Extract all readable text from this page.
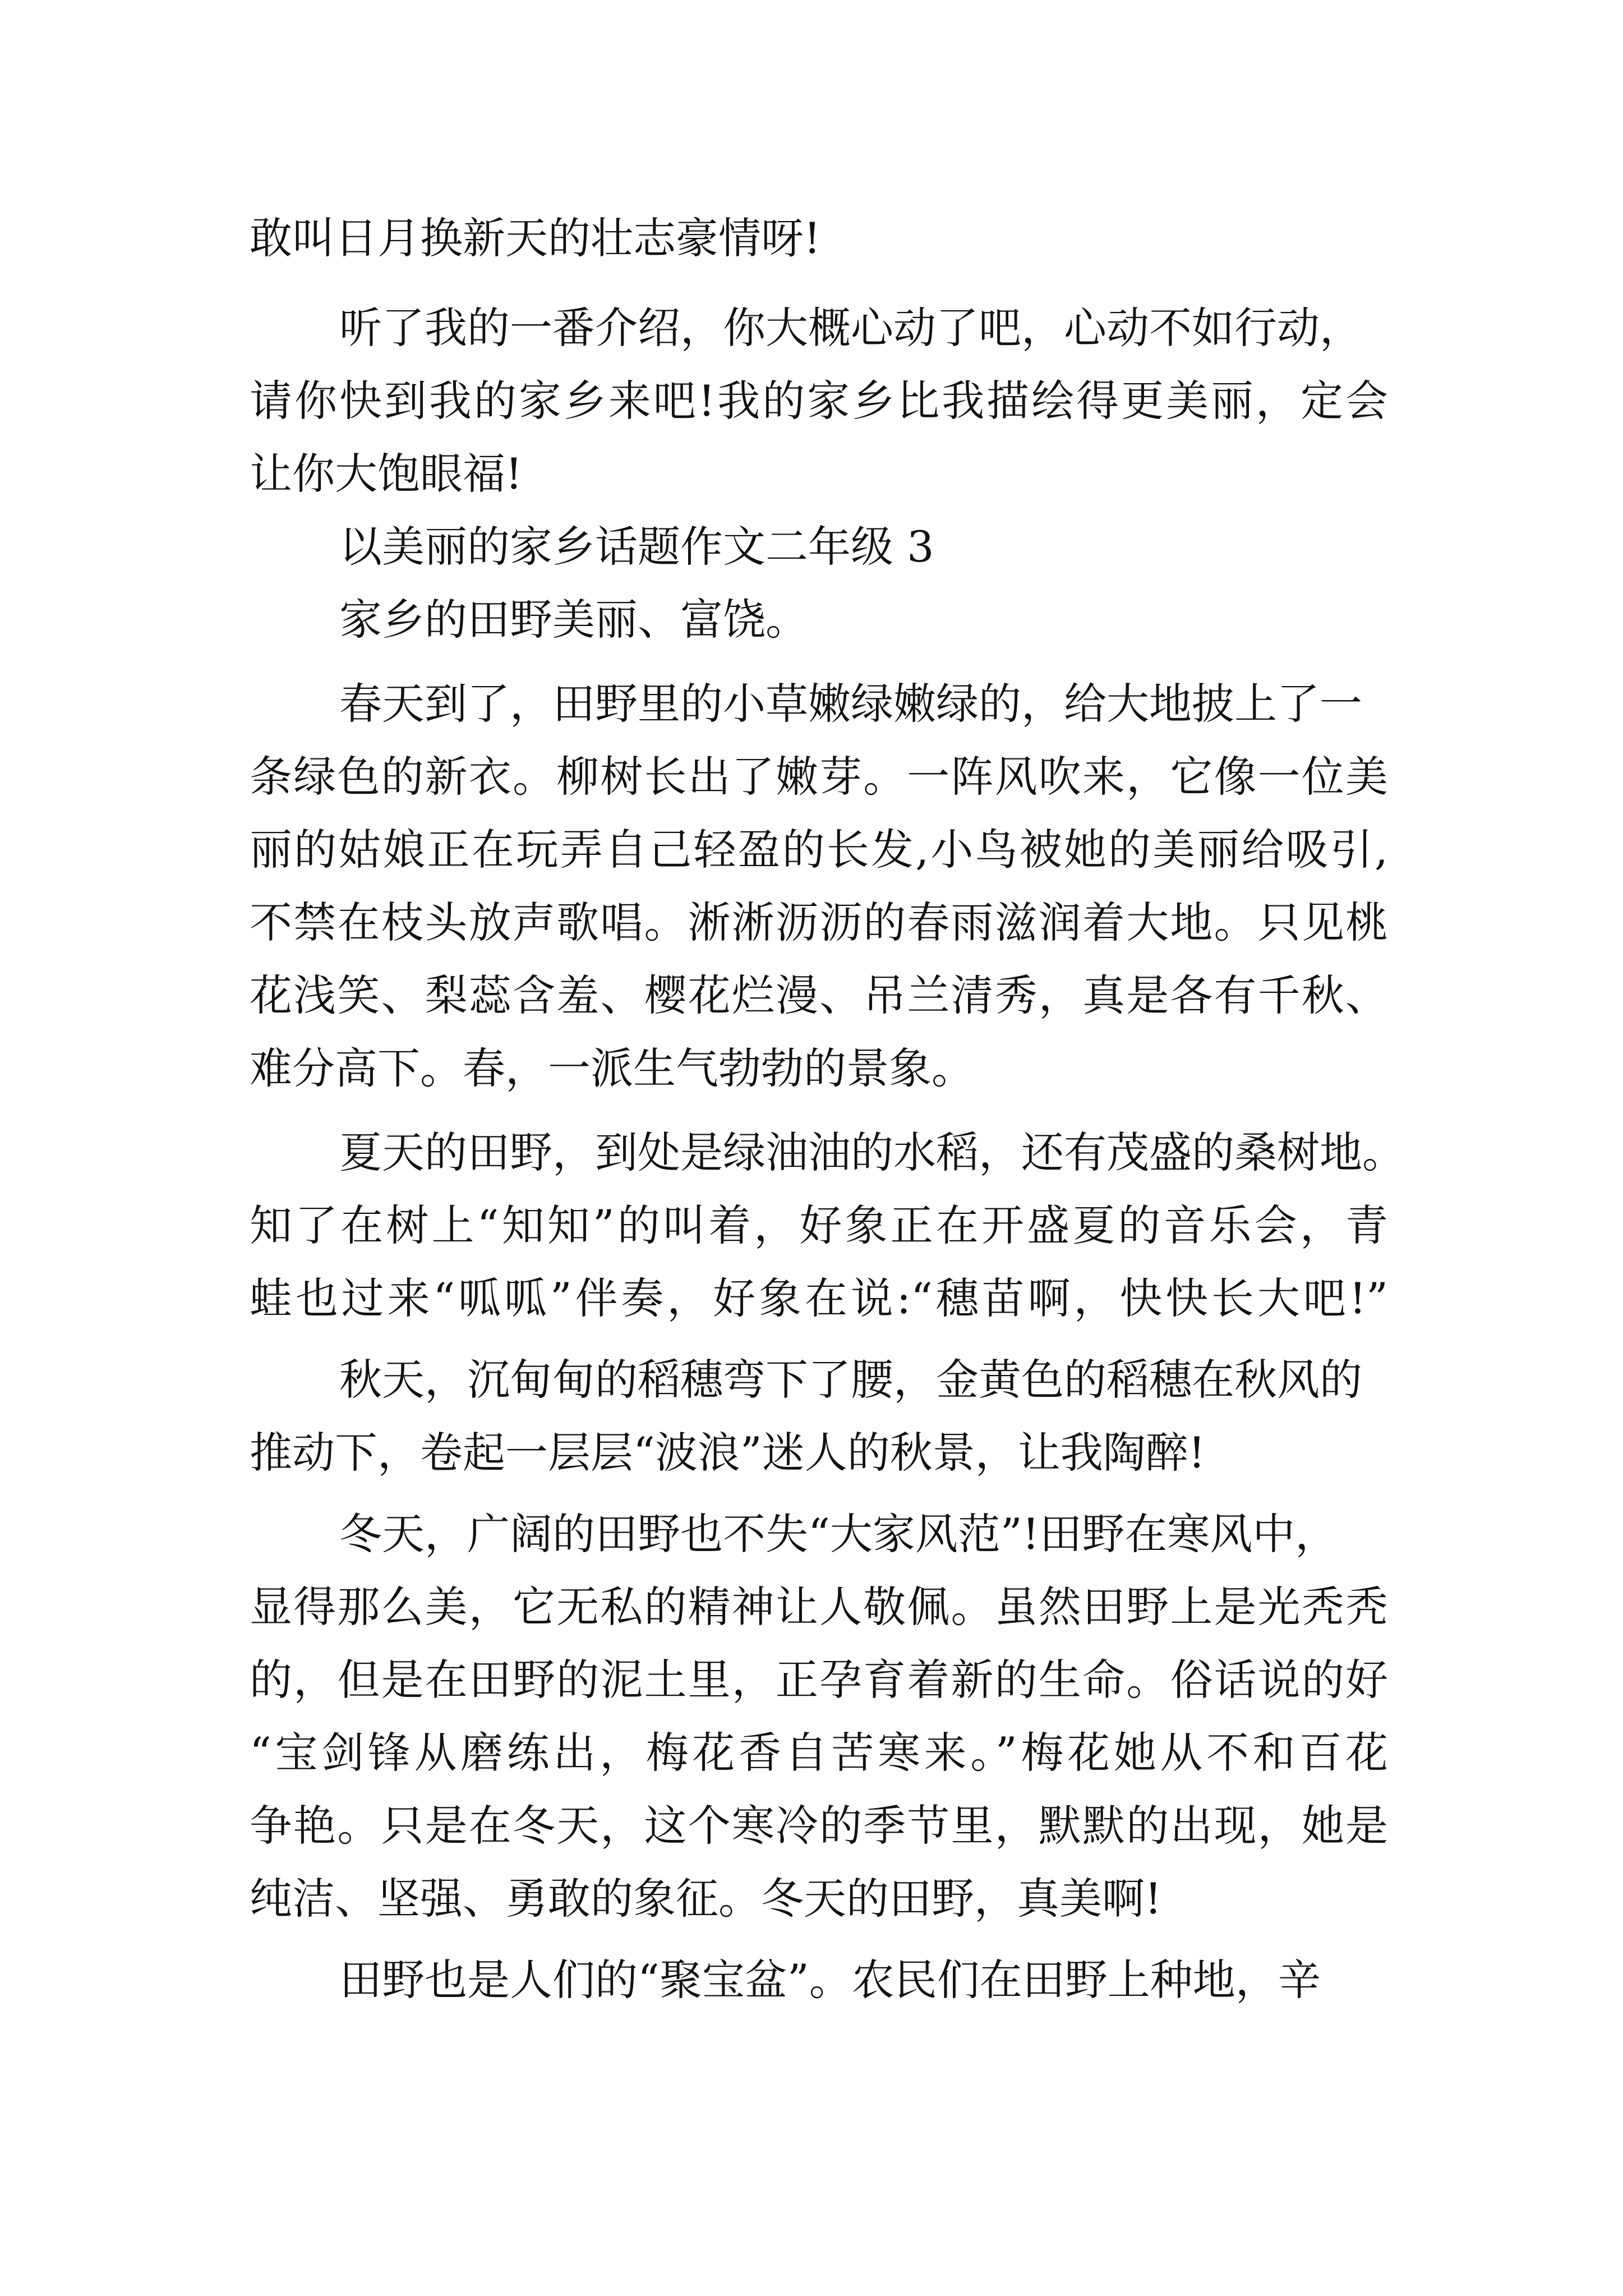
敢叫日月换新天的壮志豪情呀!
听了我的一番介绍，你大概心动了吧，心动不如行动，
请你快到我的家乡来吧!我的家乡比我描绘得更美丽，定会
让你大饱眼福!
以美丽的家乡话题作文二年级 3
家乡的田野美丽、富饶。
春天到了，田野里的小草嫩绿嫩绿的，给大地披上了一
条绿色的新衣。柳树长出了嫩芽。一阵风吹来，它像一位美
丽的姑娘正在玩弄自己轻盈的长发,小鸟被她的美丽给吸引,
不禁在枝头放声歌唱。淅淅沥沥的春雨滋润着大地。只见桃
花浅笑、梨蕊含羞、樱花烂漫、吊兰清秀，真是各有千秋、
难分高下。春，一派生气勃勃的景象。
夏天的田野，到处是绿油油的水稻，还有茂盛的桑树地。
知了在树上“知知”的叫着，好象正在开盛夏的音乐会，青
蛙也过来“呱呱”伴奏，好象在说:“穗苗啊，快快长大吧!”
秋天，沉甸甸的稻穗弯下了腰，金黄色的稻穗在秋风的
推动下，卷起一层层“波浪”迷人的秋景，让我陶醉!
冬天，广阔的田野也不失“大家风范”!田野在寒风中，
显得那么美，它无私的精神让人敬佩。虽然田野上是光秃秃
的，但是在田野的泥土里，正孕育着新的生命。俗话说的好
“宝剑锋从磨练出，梅花香自苦寒来。”梅花她从不和百花
争艳。只是在冬天，这个寒冷的季节里，默默的出现，她是
纯洁、坚强、勇敢的象征。冬天的田野，真美啊!
田野也是人们的“聚宝盆”。农民们在田野上种地，辛
